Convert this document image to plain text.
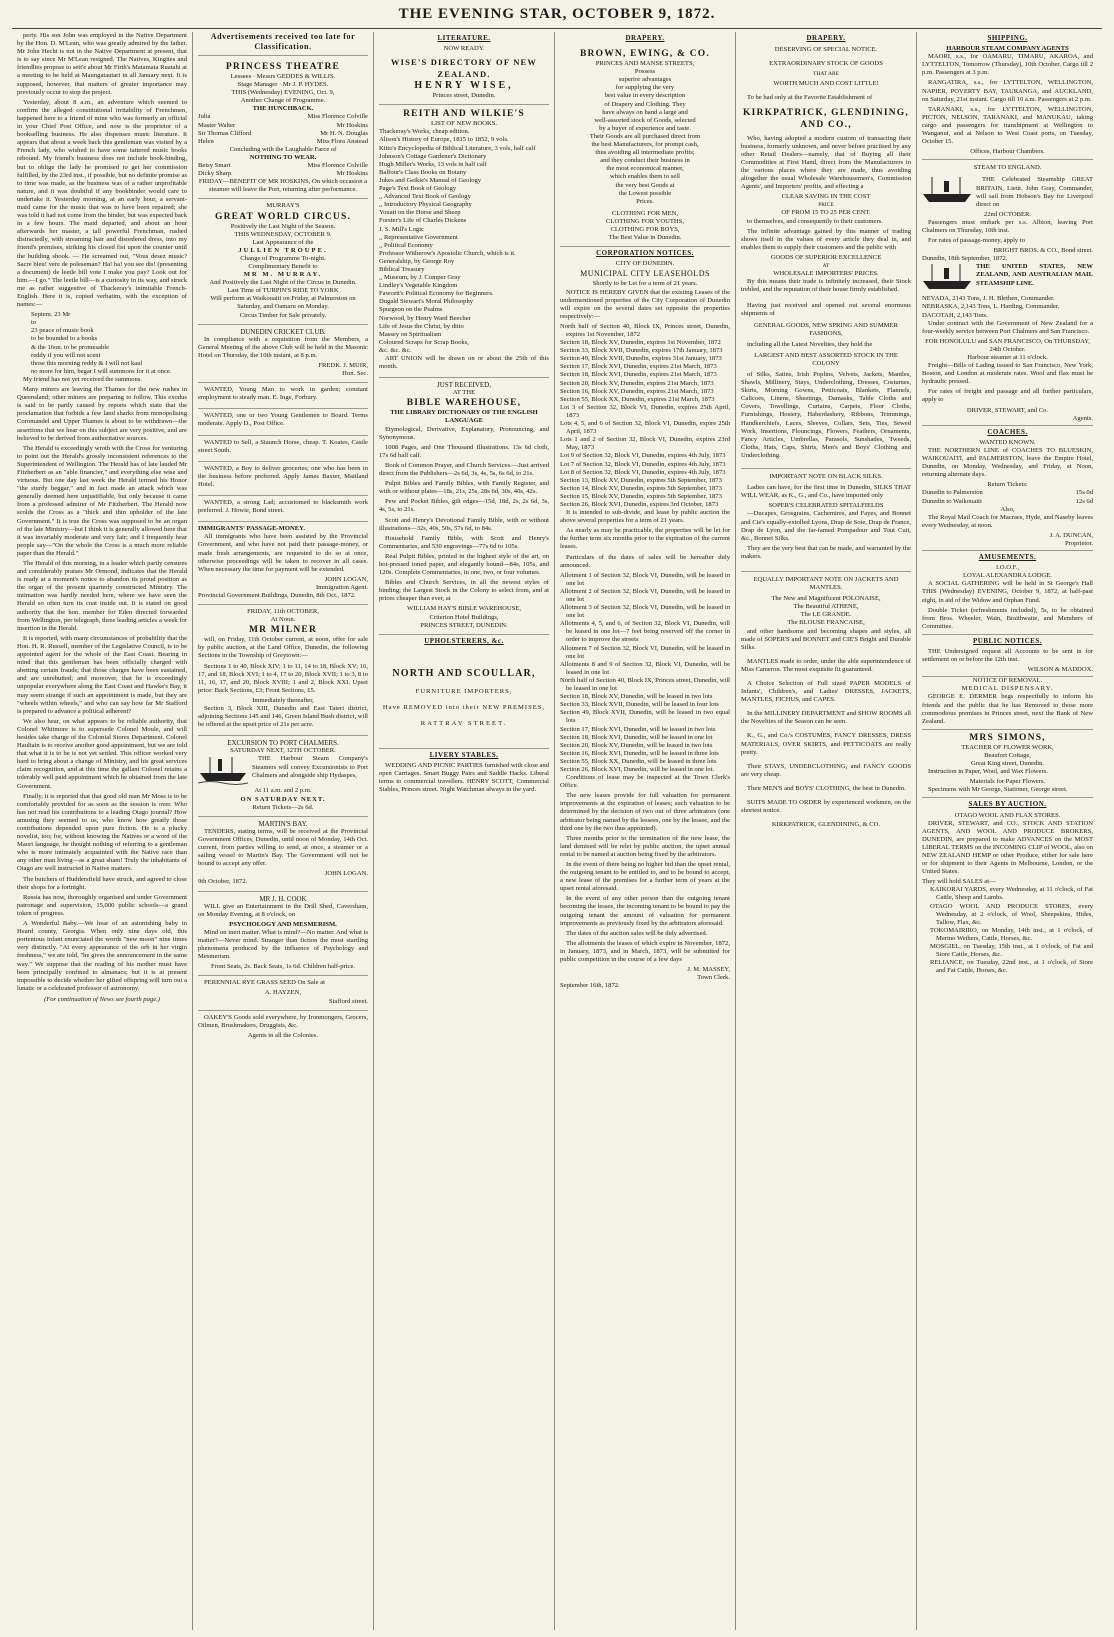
THE EVENING STAR, OCTOBER 9, 1872.

perty. His son John was employed in the Native Department by the Hon. D. M'Lean, who was greatly admired by the father. Mr John Hecht is not in the Native Department at present, that is to say since Mr M'Lean resigned. The Natives, Kingites and friendlies propose to sett'e about Mr Firth's Matamata Ruatahi at a meeting to be held at Maungatautari in all January next. It is supposed, however, that matters of greater importance may previously occur to stop the project.

Yesterday, about 8 a.m., an adventure which seemed to confirm the alleged constitutional irritability of Frenchmen, happened here to a friend of mine who was formerly an official in your Chief Post Office, and now is the proprietor of a bookselling business. He also dispenses music literature. It appears that about a week back this gentleman was visited by a French lady, who wished to have some tattered music books rebound. My friend's business does not include book-binding, but to oblige the lady he promised to get her commission fulfilled, by the 23rd inst., if possible, but no definite promise as to time was made, as the business was of a rather unprofitable nature, and it was doubtful if any bookbinder would care to undertake it. Yesterday morning, at an early hour, a servant-maid came for the music that was to have been repaired; she was told it had not come from the binder, but was expected back in a few hours. The maid departed, and about an hour afterwards her master, a tall powerful Frenchman, rushed distractedly, with streaming hair and disordered dress, into my friend's premises, striking his closed fist upon the counter until the building shook. — He screamed out, "Vous desez music? Sacre bleu! vere de poleseman? Ha! ha! you see dis! (presenting a document) de leetle bill vote I make you pay? Look out for him.—I go." The leetle bill—is a curiosity in its way, and struck me as rather suggestive of Thackeray's inimitable French-English. Here it is, copied verbatim, with the exception of names:—

Septem. 23 Mr
to
23 peace of music book
to be bounded to a books
& the 16on. to be promesable
reddy if you will not scent
those this morning reddy & I will not kaul
no more for him, begar I will summons for it at once.

My friend has not yet received the summons.

Many miners are leaving the Thames for the new rushes in Queensland; other miners are preparing to follow. This exodus is said to be partly caused by reports which state that the proclamation that forbids a few land sharks from monopolising Coromandel and Upper Thames is about to be withdrawn—the assertions that we hear on this subject are very positive, and are believed to be derived from authoritative sources.

The Herald is exceedingly wroth with the Cross for venturing to point out the Herald's grossly inconsistent references to the Superintendent of Wellington. The Herald has of late lauded Mr Fitzherbert as an "able financier," and everything else wise and virtuous. But one day last week the Herald termed his Honor "the sturdy beggar," and in fact made an attack which was generally deemed here unjustifiable, but only because it came from a professed admirer of Mr Fitzherbert. The Herald now scolds the Cross as a "thick and thin upholder of the late Government." It is true the Cross was supposed to be an organ of the late Ministry—but I think it is generally allowed here that it was invariably moderate and very fair; and I frequently hear people say—"On the whole the Cross is a much more reliable paper than the Herald."

The Herald of this morning, in a leader which partly censures and considerably praises Mr Ormond, indicates that the Herald is ready at a moment's notice to abandon its proud position as the organ of the present quarterly constructed Ministry. The intimation was hardly needed here, where we have seen the Herald so often turn its coat inside out. It is stated on good authority that the hon. member for Eden directed forwarded from Wellington, per telegraph, three leading articles a week for insertion in the Herald.

It is reported, with many circumstances of probability that the Hon. H. R. Russell, member of the Legislative Council, is to be appointed agent for the whole of the East Coast. Bearing in mind that this gentleman has been officially charged with abetting certain frauds; that those charges have been sustained, and are unrebutted; and moreover, that he is exceedingly unpopular everywhere along the East Coast and Hawke's Bay, it may seem strange if such an appointment is made, but they are "wheels within wheels," and who can say how far Mr Stafford is prepared to advance a political adherent?

We also hear, on what appears to be reliable authority, that Colonel Whitmore is to supersede Colonel Moule, and will besides take charge of the Colonial Stores Department. Colonel Haultain is to receive another good appointment, but we are told that what it is to be is not yet settled. This officer worked very hard to bring about a change of Ministry, and his great services claim recognition, and at this time the gallant Colonel retains a tolerably well paid appointment which he obtained from the late Government.

Finally, it is reported that that good old man Mr Moss is to be comfortably provided for as soon as the session is over. Who has not read his contributions to a leading Otago journal? How amusing they seemed to us, who know how greatly those contributions depended upon pure fiction. He is a plucky novelist, too; for, without knowing the Natives or a word of the Maori language, he thought nothing of referring to a gentleman who is more intimately acquainted with the Native race than any other man living—as a great sham! Truly the inhabitants of Otago are well instructed in Native matters.

The butchers of Huddersfield have struck, and agreed to close their shops for a fortnight.

Russia has now, thoroughly organised and under Government patronage and supervision, 15,000 public schools—a grand token of progress.

A Wonderful Baby.—We hear of an astonishing baby in Heard county, Georgia. When only nine days old, this portentous infant enunciated the words "new moon" nine times very distinctly. "At every appearance of the orb in her virgin freshness," we are told, "he gives the announcement in the same way." We suppose that the reading of his mother must have been principally confined to almanacs; but it is at present impossible to decide whether her gifted offspring will turn out a lunatic or a celebrated professor of astronomy.

(For continuation of News see fourth page.)
Advertisements received too late for Classification.
PRINCESS THEATRE
Lessees · Messrs GEDDES & WILLIS.
Stage Manager · Mr J. P. HYDES.
THIS (Wednesday) EVENING, Oct. 9,
Another Change of Programme.
THE HUNCHBACK.
Julia	Miss Florence Colville
Master Walter	Mr Hoskins
Sir Thomas Clifford	Mr H. N. Douglas
Helen	Miss Flora Anstead
Concluding with the Laughable Farce of
NOTHING TO WEAR.
Betsy Smart	Miss Florence Colville
Dicky Sharp	Mr Hoskins
FRIDAY—BENEFIT OF MR HOSKINS, On which occasion a steamer will leave the Port, returning after performance.
MURRAY'S
GREAT WORLD CIRCUS.
Positively the Last Night of the Season.
THIS WEDNESDAY, OCTOBER 9.
Last Appearance of the
JULLIEN TROUPE.
Change of Programme To-night.
Complimentary Benefit to
MR M. MURRAY.
And Positively the Last Night of the Circus in Dunedin.
Last Time of TURPIN'S RIDE TO YORK
Will perform at Waikouaiti on Friday, at Palmerston on Saturday, and Oamaru on Monday.
Circus Timber for Sale privately.
DUNEDIN CRICKET CLUB.

In compliance with a requisition from the Members, a General Meeting of the above Club will be held in the Masonic Hotel on Thursday, the 10th instant, at 8 p.m.

FREDK. J. MUIR,
Hon. Sec.

WANTED, Young Man to work in garden; constant employment to steady man. E. Inge, Forbury.

WANTED, one or two Young Gentlemen to Board. Terms moderate. Apply D., Post Office.

WANTED to Sell, a Staunch Horse, cheap. T. Koates, Castle street South.

WANTED, a Boy to deliver groceries; one who has been in the business before preferred. Apply James Baxter, Maitland Hotel.

WANTED, a strong Lad; accustomed to blacksmith work preferred. J. Howie, Bond street.

IMMIGRANTS' PASSAGE-MONEY.

All immigrants who have been assisted by the Provincial Government, and who have not paid their passage-money, or made fresh arrangements, are requested to do so at once, otherwise proceedings will be taken to recover in all cases. When necessary the time for payment will be extended.

JOHN LOGAN,
Immigration Agent.
Provincial Government Buildings, Dunedin, 8th Oct., 1872.
FRIDAY, 11th OCTOBER,
At Noon.
MR MILNER

will, on Friday, 11th October current, at noon, offer for sale by public auction, at the Land Office, Dunedin, the following Sections in the Township of Greytown:—

Sections 1 to 40, Block XIV; 1 to 11, 14 to 18, Block XV; 16, 17, and 18, Block XVI; 1 to 4, 17 to 20, Block XVII; 1 to 3, 8 to 11, 16, 17, and 20, Block XVIII; 1 and 2, Block XXI. Upset price: Back Sections, £3; Front Sections, £5.

Immediately thereafter,

Section 3, Block XIII, Dunedin and East Taieri district, adjoining Sections 145 and 146, Green Island Bush district, will be offered at the upset price of 21s per acre.

EXCURSION TO PORT CHALMERS.
SATURDAY NEXT, 12TH OCTOBER.

THE Harbour Steam Company's Steamers will convey Excursionists to Port Chalmers and alongside ship Hydaspes,

At 11 a.m. and 2 p.m.
ON SATURDAY NEXT.
Return Tickets—2s 6d.
MARTIN'S BAY.

TENDERS, stating terms, will be received at the Provincial Government Offices, Dunedin, until noon of Monday, 14th Oct. current, from parties willing to send, at once, a steamer or a sailing vessel to Martin's Bay. The Government will not be bound to accept any offer.

JOHN LOGAN.
9th October, 1872.
MR J. H. COOK

WILL give an Entertainment in the Drill Shed, Caversham, on Monday Evening, at 8 o'clock, on

PSYCHOLOGY AND MESMERISM.

Mind on inert matter. What is mind?—No matter. And what is matter?—Never mind. Stranger than fiction the most startling phenomena produced by the influence of Psychology and Mesmerism.

Front Seats, 2s. Back Seats, 1s 6d. Children half-price.

PERENNIAL RYE GRASS SEED On Sale at

A. HAYZEN,
Stafford street.

OAKEY'S Goods sold everywhere, by Ironmongers, Grocers, Oilmen, Brushmakers, Druggists, &c.

Agents in all the Colonies.
LITERATURE.
NOW READY.
WISE'S DIRECTORY OF NEW ZEALAND.
HENRY WISE,
Princes street, Dunedin.
REITH AND WILKIE'S
LIST OF NEW BOOKS.
Thackeray's Works, cheap edition.
Alison's History of Europe, 1815 to 1852, 9 vols.
Kitto's Encyclopedia of Biblical Literature, 3 vols, half calf
Johnson's Cottage Gardener's Dictionary
Hugh Miller's Works, 13 vols in half calf
Balfour's Class Books on Botany
Jukes and Geikie's Manual of Geology
Page's Text Book of Geology
,, Advanced Text Book of Geology
,, Introductory Physical Geography
Youatt on the Horse and Sheep
Forster's Life of Charles Dickens
J. S. Mill's Logic
,, Representative Government
,, Political Economy
Professor Witherow's Apostolic Church, which is it.
Generalship, by George Roy
Biblical Treasury
,, Museum, by J. Comper Gray
Lindley's Vegetable Kingdom
Fawcett's Political Economy for Beginners.
Dugald Stewart's Moral Philosophy
Spurgeon on the Psalms
Norwood, by Henry Ward Beecher
Life of Jesus the Christ, by ditto
Massey on Spiritualism
Coloured Scraps for Scrap Books,
&c. &c. &c.

ART UNION will be drawn on or about the 25th of this month.

JUST RECEIVED,
AT THE
BIBLE WAREHOUSE,
THE LIBRARY DICTIONARY OF THE ENGLISH LANGUAGE

Etymological, Derivative, Explanatory, Pronouncing, and Synonymous.

1008 Pages, and One Thousand Illustrations. 13s 6d cloth, 17s 6d half calf.

Book of Common Prayer, and Church Services.—Just arrived direct from the Publishers—2s 6d, 3s, 4s, 5s, 6s 6d, to 21s.

Pulpit Bibles and Family Bibles, with Family Register, and with or without plates—18s, 21s, 25s, 28s 6d, 30s, 40s, 42s.

Pew and Pocket Bibles, gilt edges—15d, 18d, 2s, 2s 6d, 3s, 4s, 5s, to 21s.

Scott and Henry's Devotional Family Bible, with or without illustrations—32s, 40s, 50s, 57s 6d, to 84s.

Household Family Bible, with Scott and Henry's Commentaries, and 530 engravings—77s 6d to 105s.

Real Pulpit Bibles, printed in the highest style of the art, on hot-pressed toned paper, and elegantly bound—84s, 105s, and 120s. Complete Commentaries, in one, two, or four volumes.

Bibles and Church Services, in all the newest styles of binding; the Largest Stock in the Colony to select from, and at prices cheaper than ever, at

WILLIAM HAY'S BIBLE WAREHOUSE,
Criterion Hotel Buildings,
PRINCES STREET, DUNEDIN.
UPHOLSTERERS, &c.
NORTH AND SCOULLAR,
FURNITURE IMPORTERS,
Have REMOVED into their NEW PREMISES,
RATTRAY STREET.
LIVERY STABLES.

WEDDING AND PICNIC PARTIES furnished with close and open Carriages. Smart Buggy Pairs and Saddle Hacks. Liberal terms to commercial travellers. HENRY SCOTT, Commercial Stables, Princes street. Night Watchman always in the yard.

DRAPERY.
BROWN, EWING, & CO.
PRINCES AND MANSE STREETS,
Possess
superior advantages
for supplying the very
best value in every description
of Drapery and Clothing. They
have always on hand a large and
well-assorted stock of Goods, selected
by a buyer of experience and taste.
Their Goods are all purchased direct from
the best Manufacturers, for prompt cash,
thus avoiding all intermediate profits;
and they conduct their business in
the most economical manner,
which enables them to sell
the very best Goods at
the Lowest possible
Prices.
CLOTHING FOR MEN,
CLOTHING FOR YOUTHS,
CLOTHING FOR BOYS,
The Best Value in Dunedin.
CORPORATION NOTICES.
CITY OF DUNEDIN.
MUNICIPAL CITY LEASEHOLDS
Shortly to be Let for a term of 21 years.

NOTICE IS HEREBY GIVEN that the existing Leases of the undermentioned properties of the City Corporation of Dunedin will expire on the several dates set opposite the properties respectively:—

North half of Section 40, Block IX, Princes street, Dunedin, expires 1st November, 1872
Section 18, Block XV, Dunedin, expires 1st November, 1872
Section 33, Block XVII, Dunedin, expires 17th January, 1873
Section 49, Block XVII, Dunedin, expires 31st January, 1873
Section 17, Block XVI, Dunedin, expires 21st March, 1873
Section 18, Block XVI, Dunedin, expires 21st March, 1873
Section 20, Block XV, Dunedin, expires 21st March, 1873
Section 16, Block XV, Dunedin, expires 21st March, 1873
Section 55, Block XX, Dunedin, expires 21st March, 1873
Lot 3 of Section 32, Block VI, Dunedin, expires 25th April, 1873
Lots 4, 5, and 6 of Section 32, Block VI, Dunedin, expire 25th April, 1873
Lots 1 and 2 of Section 32, Block VI, Dunedin, expires 23rd May, 1873
Lot 9 of Section 32, Block VI, Dunedin, expires 4th July, 1873
Lot 7 of Section 32, Block VI, Dunedin, expires 4th July, 1873
Lot 8 of Section 32, Block VI, Dunedin, expires 4th July, 1873
Section 13, Block XV, Dunedin, expires 5th September, 1873
Section 14, Block XV, Dunedin, expires 5th September, 1873
Section 15, Block XV, Dunedin, expires 5th September, 1873
Section 26, Block XVI, Dunedin, expires 3rd October, 1873

It is intended to sub-divide, and lease by public auction the above several properties for a term of 21 years.

As nearly as may be practicable, the properties will be let for the further term six months prior to the expiration of the current leases.

Particulars of the dates of sales will be hereafter duly announced.

Allotment 1 of Section 32, Block VI, Dunedin, will be leased in one lot
Allotment 2 of Section 32, Block VI, Dunedin, will be leased in one lot
Allotment 3 of Section 32, Block VI, Dunedin, will be leased in one lot
Allotments 4, 5, and 6, of Section 32, Block VI, Dunedin, will be leased in one lot—7 feet being reserved off the corner in order to improve the streets
Allotment 7 of Section 32, Block VI, Dunedin, will be leased in one lot
Allotments 8 and 9 of Section 32, Block VI, Dunedin, will be leased in one lot
North half of Section 40, Block IX, Princes street, Dunedin, will be leased in one lot
Section 18, Block XV, Dunedin, will be leased in two lots
Section 33, Block XVII, Dunedin, will be leased in four lots
Section 49, Block XVII, Dunedin, will be leased in two equal lots
Section 17, Block XVI, Dunedin, will be leased in two lots
Section 18, Block XVI, Dunedin, will be leased in one lot
Section 20, Block XV, Dunedin, will be leased in two lots
Section 16, Block XVI, Dunedin, will be leased in three lots
Section 55, Block XX, Dunedin, will be leased in three lots
Section 26, Block XVI, Dunedin, will be leased in one lot.

Conditions of lease may be inspected at the Town Clerk's Office.

The new leases provide for full valuation for permanent improvements at the expiration of leases; such valuation to be determined by the decision of two out of three arbitrators (one arbitrator being named by the lessees, one by the lessee, and the third one by the two thus appointed).

Three months prior to the termination of the new lease, the land demised will be relet by public auction, the upset annual rental to be named at auction being fixed by the arbitrators.

In the event of there being no higher bid than the upset rental, the outgoing tenant to be entitled to, and to be bound to accept, a new lease of the premises for a further term of years at the upset rental aforesaid.

In the event of any other person than the outgoing tenant becoming the lessee, the incoming tenant to be bound to pay the outgoing tenant the amount of valuation for permanent improvements as previously fixed by the arbitrators aforesaid.

The dates of the auction sales will be duly advertised.

The allotments the leases of which expire in November, 1872, in January, 1873, and in March, 1873, will be submitted for public competition in the course of a few days

J. M. MASSEY,
Town Clerk.
September 16th, 1872.
DRAPERY.
DESERVING OF SPECIAL NOTICE.
EXTRAORDINARY STOCK OF GOODS
THAT ARE
WORTH MUCH AND COST LITTLE!

To be had only at the Favorite Establishment of

KIRKPATRICK, GLENDINING, AND CO.,

Who, having adopted a modern custom of transacting their business, formerly unknown, and never before practised by any other Retail Dealers—namely, that of Buying all their Commodities at First Hand, direct from the Manufacturers in the various places where they are made, thus avoiding altogether the usual Wholesale Warehousemen's, Commission Agents', and Importers' profits, and effecting a

CLEAR SAVING IN THE COST
PRICE
OF FROM 15 TO 25 PER CENT.

to themselves, and consequently to their customers.

The infinite advantage gained by this manner of trading shows itself in the values of every article they deal in, and enables them to supply their customers and the public with

GOODS OF SUPERIOR EXCELLENCE
AT
WHOLESALE IMPORTERS' PRICES.

By this means their trade is infinitely increased, their Stock trebled, and the reputation of their house firmly established.

Having just received and opened out several enormous shipments of

GENERAL GOODS, NEW SPRING AND SUMMER FASHIONS,

including all the Latest Novelties, they hold the

LARGEST AND BEST ASSORTED STOCK IN THE COLONY

of Silks, Satins, Irish Poplins, Velvets, Jackets, Mantles, Shawls, Millinery, Stays, Underclothing, Dresses, Costumes, Skirts, Morning Gowns, Petticoats, Blankets, Flannels, Calicoes, Linens, Sheetings, Damasks, Table Cloths and Covers, Towellings, Curtains, Carpets, Floor Cloths, Furnishings, Hosiery, Haberdashery, Ribbons, Trimmings, Handkerchiefs, Laces, Sleeves, Collars, Sets, Ties, Sewed Work, Insertions, Flouncings, Flowers, Feathers, Ornaments, Fancy Articles, Umbrellas, Parasols, Sunshades, Tweeds, Cloths, Hats, Caps, Shirts, Men's and Boys' Clothing and Underclothing.

IMPORTANT NOTE ON BLACK SILKS.

Ladies can have, for the first time in Dunedin, SILKS THAT WILL WEAR, as K., G., and Co., have imported only

SOPER'S CELEBRATED SPITALFIELDS

—Ducapes, Grosgrains, Cachemires, and Fayes, and Bonnet and Cie's equally-extolled Lyons, Drap de Soie, Drap de France, Drap de Lyon, and the far-famed Pompadour and Tout Cuit, &c., Bonnet Silks.

They are the very best that can be made, and warranted by the makers.

EQUALLY IMPORTANT NOTE ON JACKETS AND MANTLES.
The New and Magnificent POLONAISE,
The Beautiful ATHENE,
The LE GRANDE.
The BLOUSE FRANCAISE,

and other handsome and becoming shapes and styles, all made of SOPER'S and BONNET and CIE'S Bright and Durable Silks.

MANTLES made to order, under the able superintendence of Miss Cameron. The most exquisite fit guaranteed.

A Choice Selection of Full sized PAPER MODELS of Infants', Children's, and Ladies' DRESSES, JACKETS, MANTLES, FICHUS, and CAPES.

In the MILLINERY DEPARTMENT and SHOW ROOMS all the Novelties of the Season can be seen.

K., G., and Co.'s COSTUMES, FANCY DRESSES, DRESS MATERIALS, OVER SKIRTS, and PETTICOATS are really pretty.

Their STAYS, UNDERCLOTHING, and FANCY GOODS are very cheap.

Their MEN'S and BOYS' CLOTHING, the best in Dunedin.

SUITS MADE TO ORDER by experienced workmen, on the shortest notice.

KIRKPATRICK, GLENDINING, & CO.
SHIPPING.
HARBOUR STEAM COMPANY AGENTS

MAORI, s.s., for OAMARU, TIMARU, AKAROA, and LYTTELTON, Tomorrow (Thursday), 10th October. Cargo till 2 p.m. Passengers at 3 p.m.

RANGATIRA, s.s., for LYTTELTON, WELLINGTON, NAPIER, POVERTY BAY, TAURANGA, and AUCKLAND, on Saturday, 21st instant. Cargo till 10 a.m. Passengers at 2 p.m.

TARANAKI, s.s., for LYTTELTON, WELLINGTON, PICTON, NELSON, TARANAKI, and MANUKAU, taking cargo and passengers for transhipment at Wellington to Wanganui, and at Nelson to West Coast ports, on Tuesday, October 15.

Offices, Harbour Chambers.
STEAM TO ENGLAND.

THE Celebrated Steamship GREAT BRITAIN, Lieut. John Gray, Commander, will sail from Hobson's Bay for Liverpool direct on

22nd OCTOBER.

Passengers must embark per s.s. Albion, leaving Port Chalmers on Thursday, 10th inst.

For rates of passage-money, apply to

BRIGHT BROS. & CO., Bond street.
Dunedin, 18th September, 1872.
THE UNITED STATES, NEW ZEALAND, AND AUSTRALIAN MAIL STEAMSHIP LINE.
NEVADA, 2143 Tons, J. H. Blethen, Commander.
NEBRASKA, 2,143 Tons, L. Harding, Commander.
DACOTAH, 2,143 Tons.

Under contract with the Government of New Zealand for a four-weekly service between Port Chalmers and San Francisco.

FOR HONOLULU and SAN FRANCISCO, On THURSDAY, 24th October.
Harbour steamer at 11 o'clock.

Freight—Bills of Lading issued to San Francisco, New York, Boston, and London at moderate rates. Wool and flax must be hydraulic pressed.

For rates of freight and passage and all further particulars, apply to

DRIVER, STEWART, and Co.
Agents.
COACHES.
WANTED KNOWN.

THE NORTHERN LINE of COACHES TO BLUESKIN, WAIKOUAITI, and PALMERSTON, leave the Empire Hotel, Dunedin, on Monday, Wednesday, and Friday, at Noon, returning alternate days.

Return Tickets:
Dunedin to Palmerston	15s 0d
Dunedin to Waikouaiti	12s 6d
Also,

The Royal Mail Coach for Macraes, Hyde, and Naseby leaves every Wednesday, at noon.

J. A. DUNCAN,
Proprietor.
AMUSEMENTS.
I.O.O.F.,
LOYAL ALEXANDRA LODGE.

A SOCIAL GATHERING will be held in St George's Hall THIS (Wednesday) EVENING, October 9, 1872, at half-past eight, in aid of the Widow and Orphan Fund.

Double Ticket (refreshments included), 5s, to be obtained from Bros. Wheeler, Wain, Braithwaite, and Members of Committee.

PUBLIC NOTICES.

THE Undersigned request all Accounts to be sent in for settlement on or before the 12th inst.

WILSON & MADDOX.
NOTICE OF REMOVAL.
MEDICAL DISPENSARY.

GEORGE E. DERMER begs respectfully to inform his friends and the public that he has Removed to those more commodious premises in Princes street, next the Bank of New Zealand.

MRS SIMONS,
TEACHER OF FLOWER WORK,
Beaufort Cottage,
Great King street, Dunedin.

Instruction in Paper, Wool, and Wax Flowers.

Materials for Paper Flowers.

Specimens with Mr George, Stationer, George street.

SALES BY AUCTION.
OTAGO WOOL AND FLAX STORES.

DRIVER, STEWART, and CO., STOCK AND STATION AGENTS, AND WOOL AND PRODUCE BROKERS, DUNEDIN, are prepared to make ADVANCES on the MOST LIBERAL TERMS on the INCOMING CLIP of WOOL, also on NEW ZEALAND HEMP or other Produce, either for sale here or for shipment to their Agents in Melbourne, London, or the United States.

They will hold SALES at—
KAIKORAI YARDS, every Wednesday, at 11 o'clock, of Fat Cattle, Sheep and Lambs.
OTAGO WOOL AND PRODUCE STORES, every Wednesday, at 2 o'clock, of Wool, Sheepskins, Hides, Tallow, Flax, &c.
TOKOMAIRIRO, on Monday, 14th inst., at 1 o'clock, of Merino Wethers, Cattle, Horses, &c.
MOSGIEL, on Tuesday, 15th inst., at 1 o'clock, of Fat and Store Cattle, Horses, &c.
RELIANCE, on Tuesday, 22nd inst., at 1 o'clock, of Store and Fat Cattle, Horses, &c.
